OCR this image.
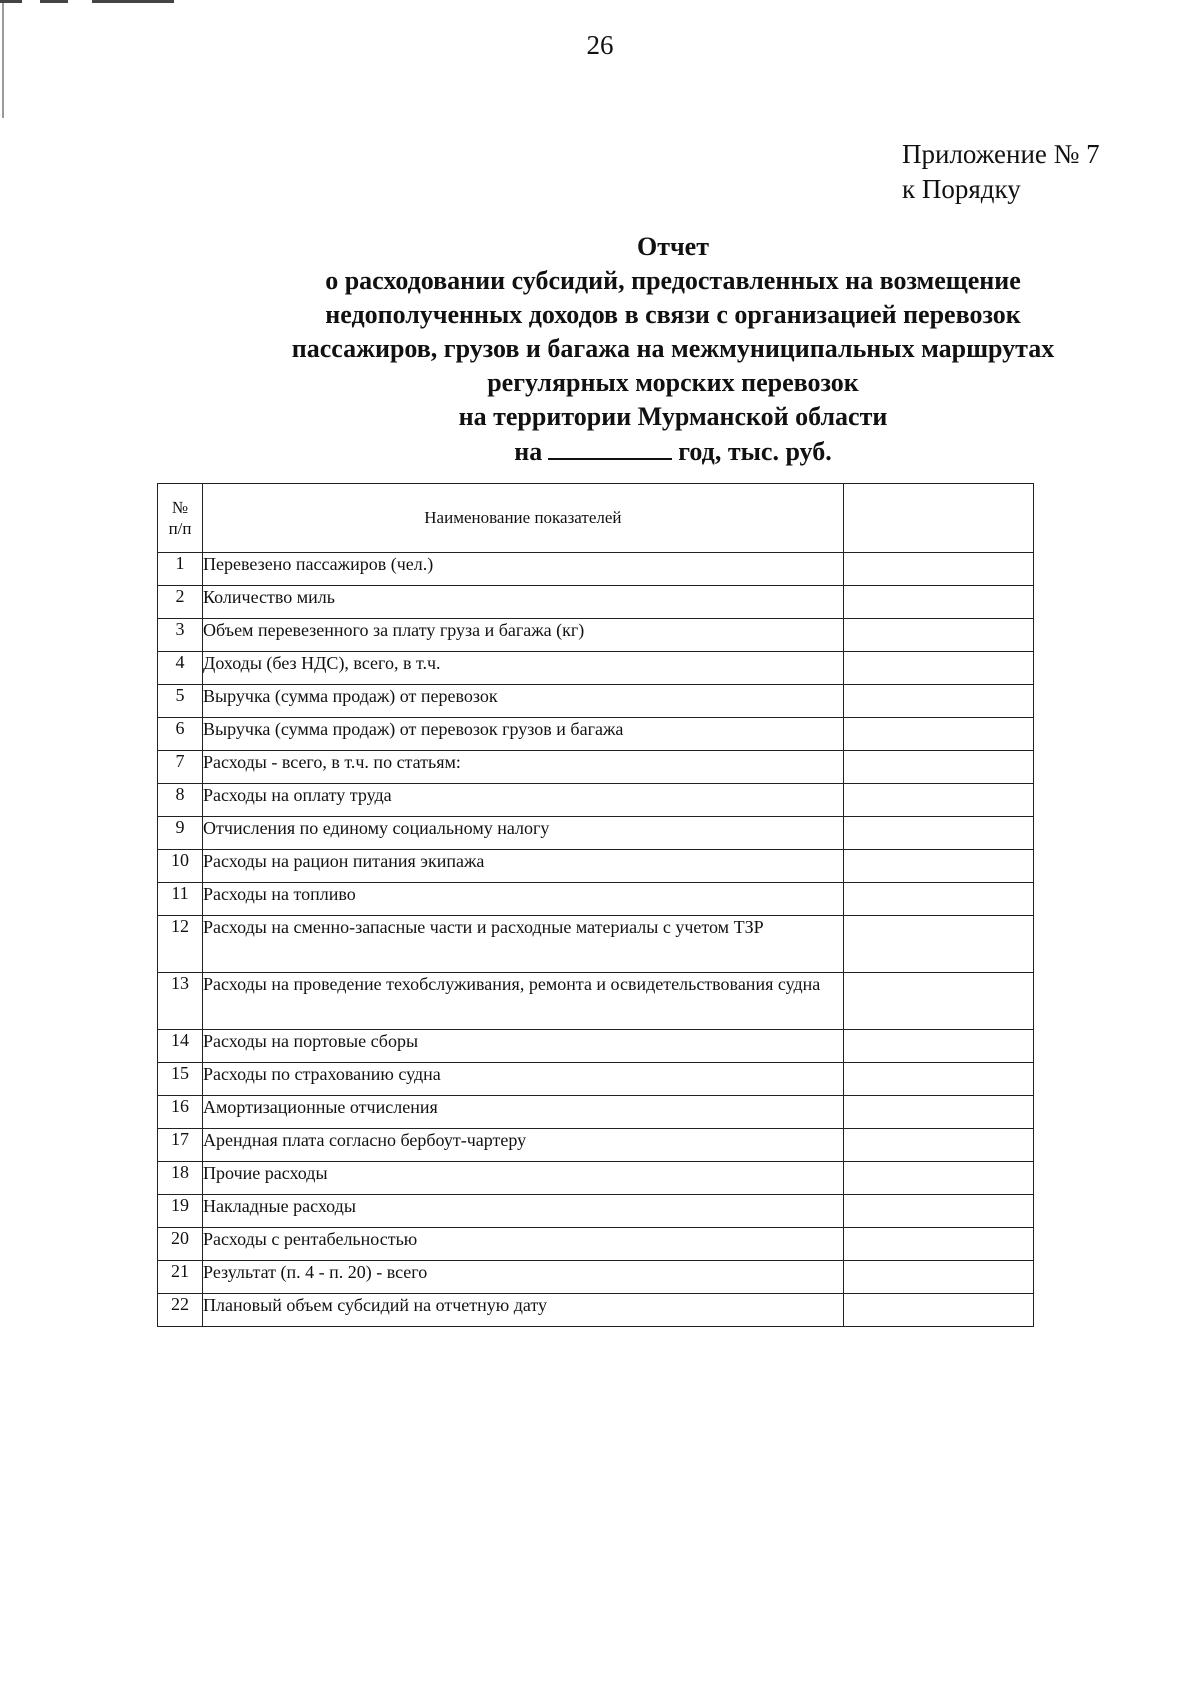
26
Приложение № 7
к Порядку
Отчет
о расходовании субсидий, предоставленных на возмещение
недополученных доходов в связи с организацией перевозок
пассажиров, грузов и багажа на межмуниципальных маршрутах
регулярных морских перевозок
на территории Мурманской области
на	год, тыс. руб.
№
п/п	Наименование показателей	
1	Перевезено пассажиров (чел.)	
2	Количество миль	
3	Объем перевезенного за плату груза и багажа (кг)	
4	Доходы (без НДС), всего, в т.ч.	
5	Выручка (сумма продаж) от перевозок	
6	Выручка (сумма продаж) от перевозок грузов и багажа	
7	Расходы - всего, в т.ч. по статьям:	
8	Расходы на оплату труда	
9	Отчисления по единому социальному налогу	
10	Расходы на рацион питания экипажа	
11	Расходы на топливо	
12	Расходы на сменно-запасные части и расходные материалы с учетом ТЗР	
13	Расходы на проведение техобслуживания, ремонта и освидетельствования судна	
14	Расходы на портовые сборы	
15	Расходы по страхованию судна	
16	Амортизационные отчисления	
17	Арендная плата согласно бербоут-чартеру	
18	Прочие расходы	
19	Накладные расходы	
20	Расходы с рентабельностью	
21	Результат (п. 4 - п. 20) - всего	
22	Плановый объем субсидий на отчетную дату	
